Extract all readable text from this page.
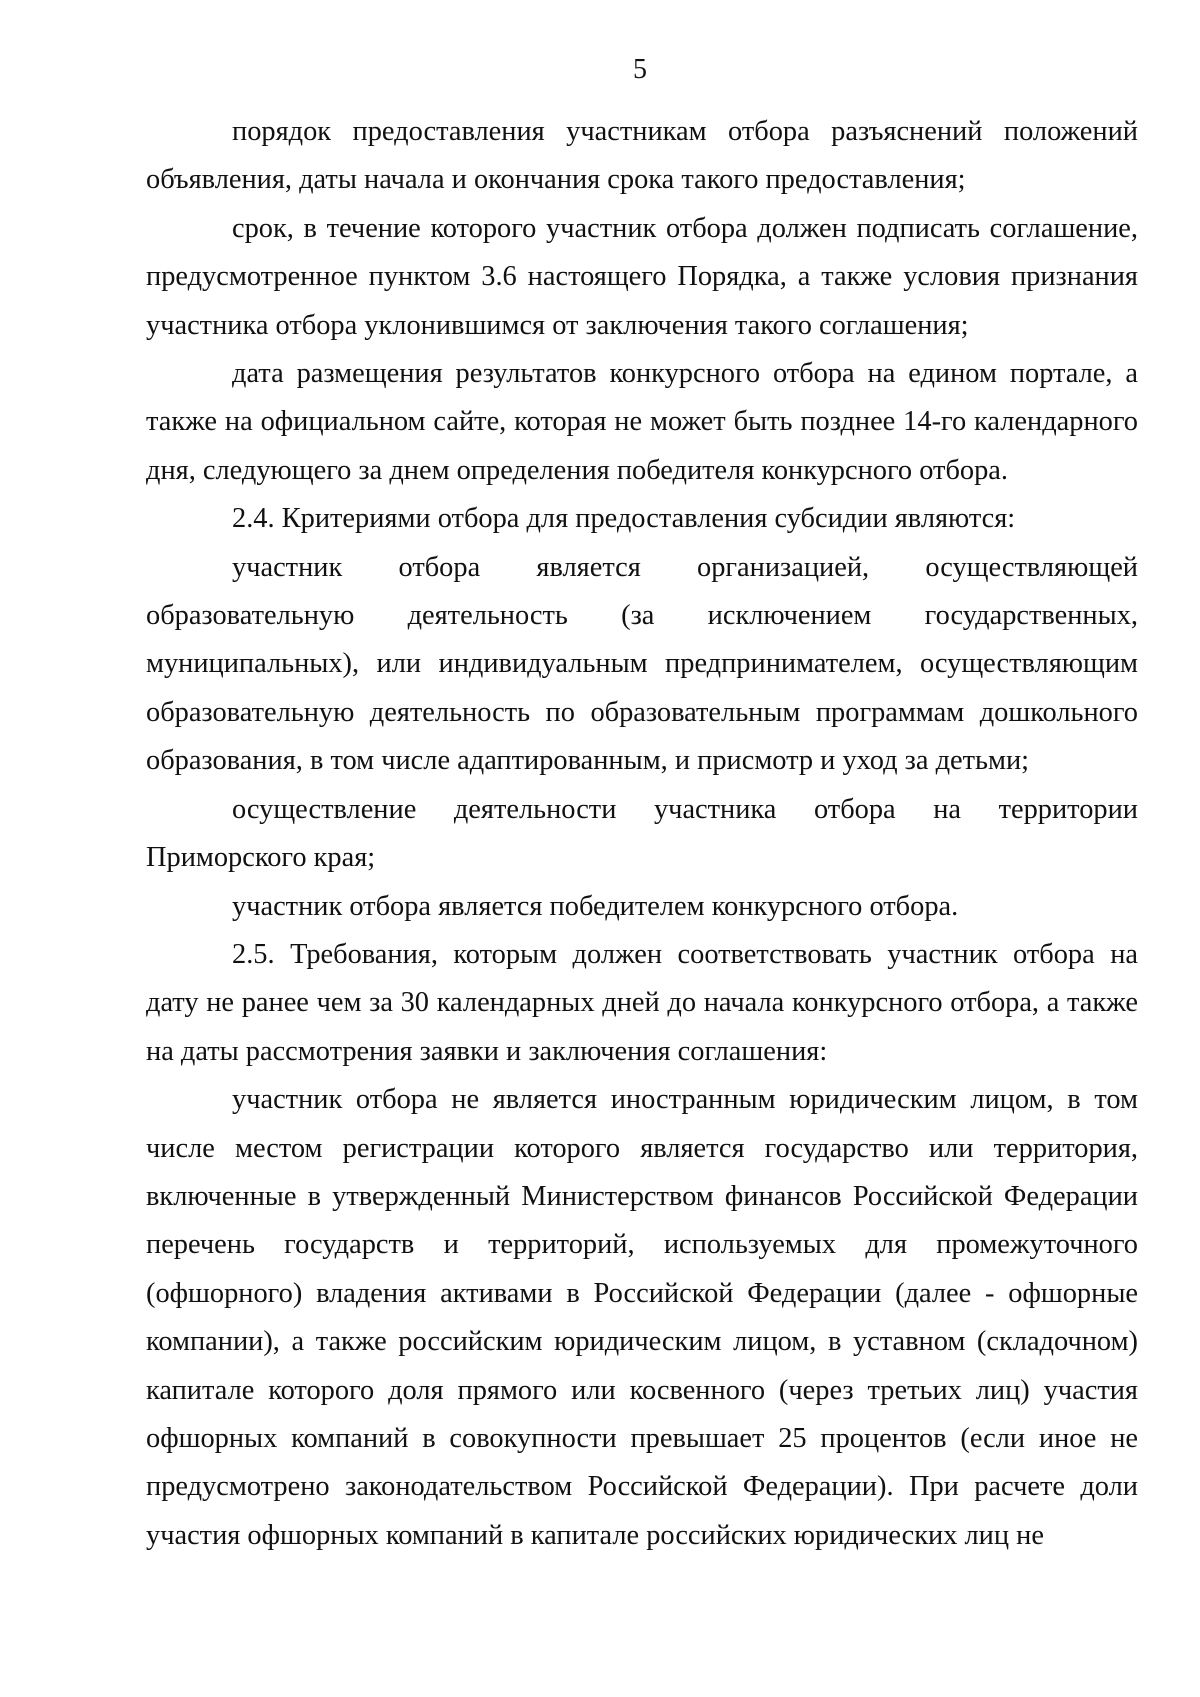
5

порядок предоставления участникам отбора разъяснений положений объявления, даты начала и окончания срока такого предоставления;

срок, в течение которого участник отбора должен подписать соглашение, предусмотренное пунктом 3.6 настоящего Порядка, а также условия признания участника отбора уклонившимся от заключения такого соглашения;

дата размещения результатов конкурсного отбора на едином портале, а также на официальном сайте, которая не может быть позднее 14-го календарного дня, следующего за днем определения победителя конкурсного отбора.

2.4. Критериями отбора для предоставления субсидии являются:

участник отбора является организацией, осуществляющей образовательную деятельность (за исключением государственных, муниципальных), или индивидуальным предпринимателем, осуществляющим образовательную деятельность по образовательным программам дошкольного образования, в том числе адаптированным, и присмотр и уход за детьми;

осуществление деятельности участника отбора на территории Приморского края;

участник отбора является победителем конкурсного отбора.

2.5. Требования, которым должен соответствовать участник отбора на дату не ранее чем за 30 календарных дней до начала конкурсного отбора, а также на даты рассмотрения заявки и заключения соглашения:

участник отбора не является иностранным юридическим лицом, в том числе местом регистрации которого является государство или территория, включенные в утвержденный Министерством финансов Российской Федерации перечень государств и территорий, используемых для промежуточного (офшорного) владения активами в Российской Федерации (далее - офшорные компании), а также российским юридическим лицом, в уставном (складочном) капитале которого доля прямого или косвенного (через третьих лиц) участия офшорных компаний в совокупности превышает 25 процентов (если иное не предусмотрено законодательством Российской Федерации). При расчете доли участия офшорных компаний в капитале российских юридических лиц не
